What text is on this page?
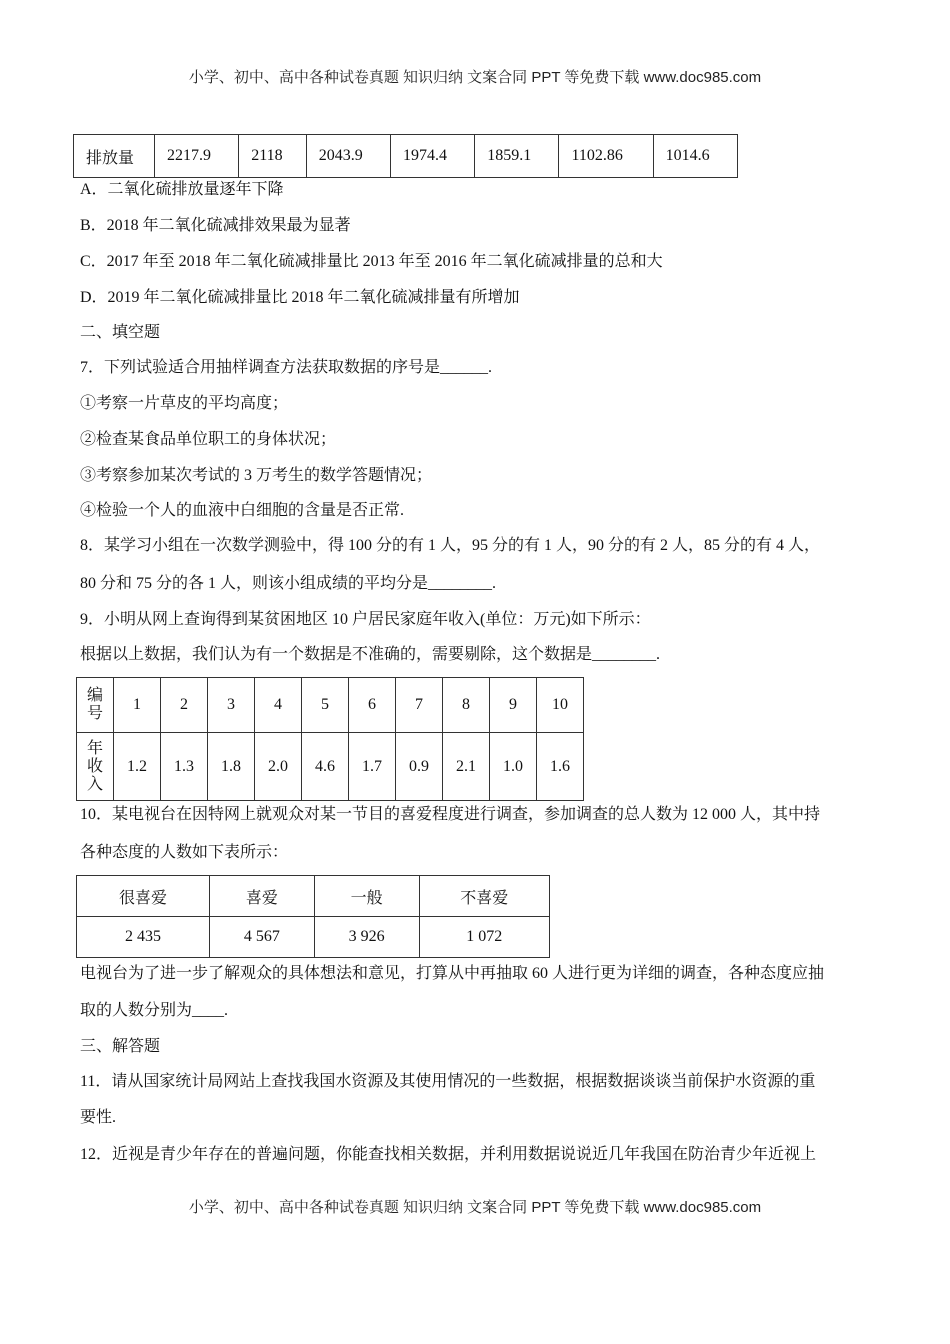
小学、初中、高中各种试卷真题 知识归纳 文案合同 PPT 等免费下载 www.doc985.com
排放量	2217.9	2118	2043.9	1974.4	1859.1	1102.86	1014.6
A．二氧化硫排放量逐年下降
B．2018 年二氧化硫减排效果最为显著
C．2017 年至 2018 年二氧化硫减排量比 2013 年至 2016 年二氧化硫减排量的总和大
D．2019 年二氧化硫减排量比 2018 年二氧化硫减排量有所增加
二、填空题
7．下列试验适合用抽样调查方法获取数据的序号是______.
①考察一片草皮的平均高度；
②检查某食品单位职工的身体状况；
③考察参加某次考试的 3 万考生的数学答题情况；
④检验一个人的血液中白细胞的含量是否正常.
8．某学习小组在一次数学测验中，得 100 分的有 1 人，95 分的有 1 人，90 分的有 2 人，85 分的有 4 人，
80 分和 75 分的各 1 人，则该小组成绩的平均分是________.
9．小明从网上查询得到某贫困地区 10 户居民家庭年收入(单位：万元)如下所示：
根据以上数据，我们认为有一个数据是不准确的，需要剔除，这个数据是________.
编
号	1	2	3	4	5	6	7	8	9	10
年
收
入	1.2	1.3	1.8	2.0	4.6	1.7	0.9	2.1	1.0	1.6
10．某电视台在因特网上就观众对某一节目的喜爱程度进行调查，参加调查的总人数为 12 000 人，其中持
各种态度的人数如下表所示：
很喜爱	喜爱	一般	不喜爱
2 435	4 567	3 926	1 072
电视台为了进一步了解观众的具体想法和意见，打算从中再抽取 60 人进行更为详细的调查，各种态度应抽
取的人数分别为____.
三、解答题
11．请从国家统计局网站上查找我国水资源及其使用情况的一些数据，根据数据谈谈当前保护水资源的重
要性.
12．近视是青少年存在的普遍问题，你能查找相关数据，并利用数据说说近几年我国在防治青少年近视上
小学、初中、高中各种试卷真题 知识归纳 文案合同 PPT 等免费下载 www.doc985.com
